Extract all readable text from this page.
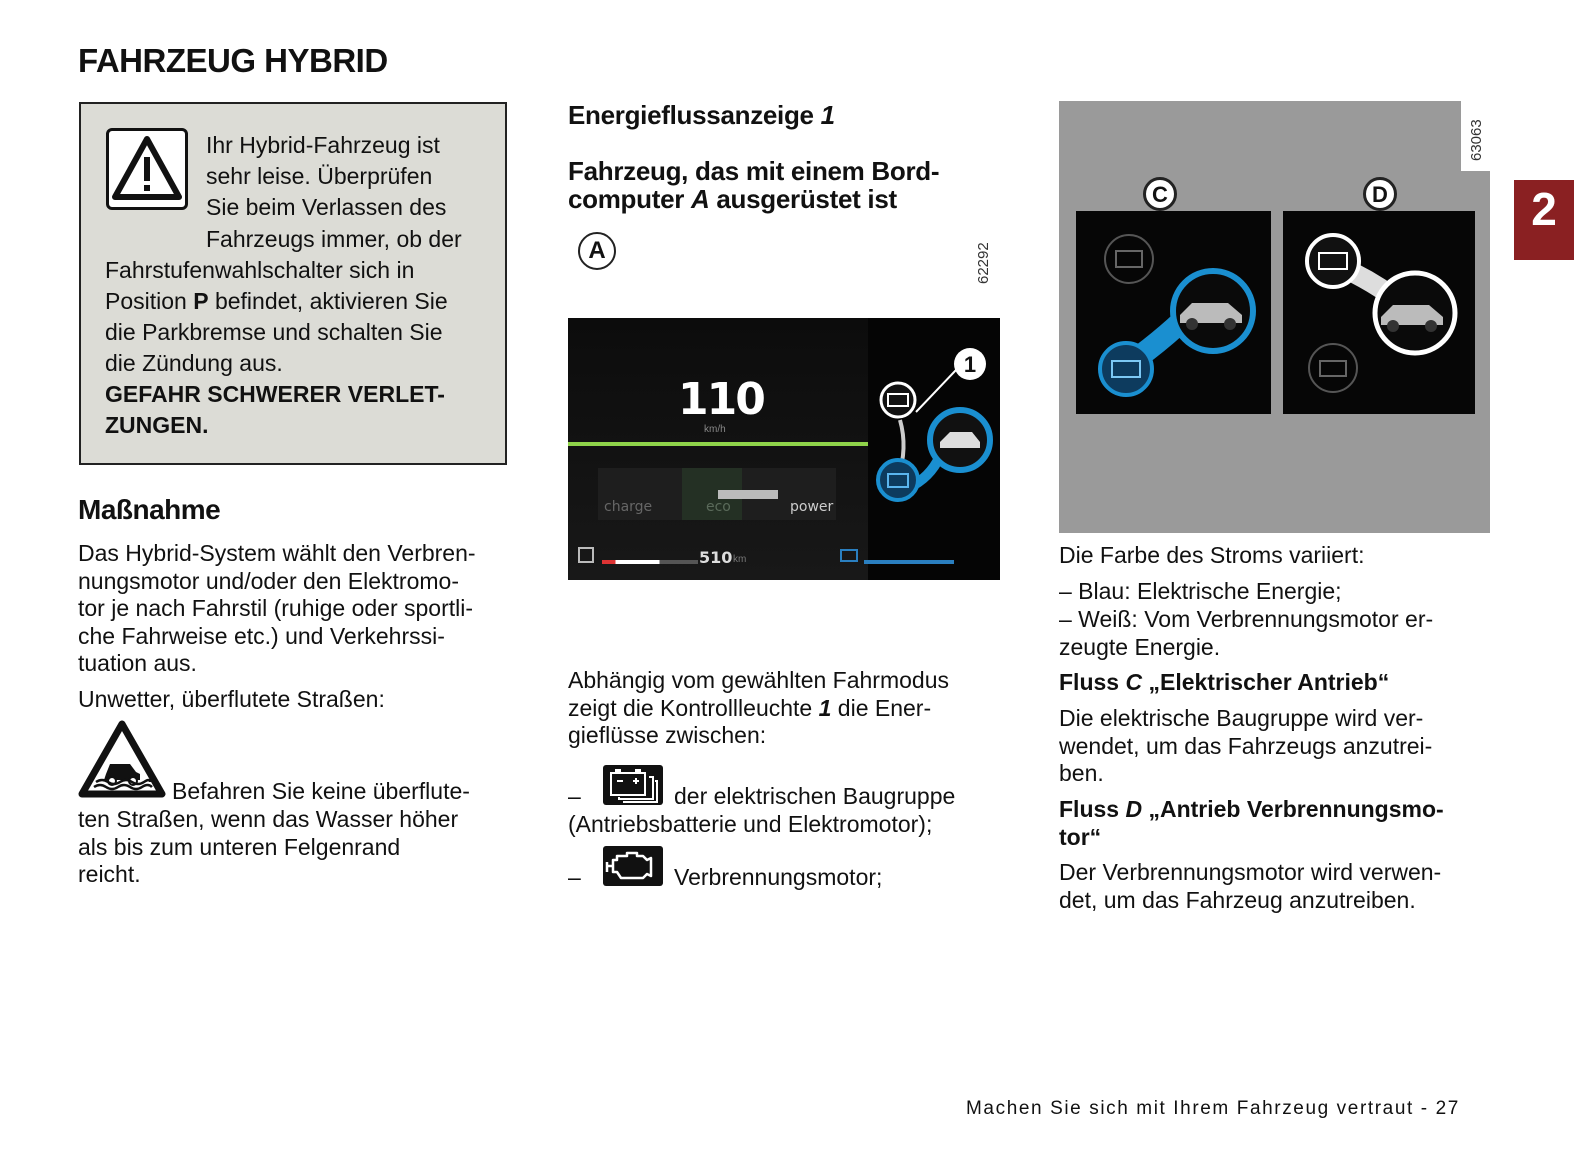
FAHRZEUG HYBRID
Ihr Hybrid-Fahrzeug ist
sehr leise. Überprüfen
Sie beim Verlassen des
Fahrzeugs immer, ob der
Fahrstufenwahlschalter sich in
Position P befindet, aktivieren Sie
die Parkbremse und schalten Sie
die Zündung aus.
GEFAHR SCHWERER VERLET-
ZUNGEN.
Maßnahme
Das Hybrid-System wählt den Verbren-
nungsmotor und/oder den Elektromo-
tor je nach Fahrstil (ruhige oder sportli-
che Fahrweise etc.) und Verkehrssi-
tuation aus.
Unwetter, überflutete Straßen:
Befahren Sie keine überflute-
ten Straßen, wenn das Wasser höher
als bis zum unteren Felgenrand
reicht.
Energieflussanzeige 1
Fahrzeug, das mit einem Bord-
computer A ausgerüstet ist
A	62292
110
km/h
charge	eco	power
510 km
1
Abhängig vom gewählten Fahrmodus
zeigt die Kontrollleuchte 1 die Ener-
gieflüsse zwischen:
–	der elektrischen Baugruppe
(Antriebsbatterie und Elektromotor);
–	Verbrennungsmotor;
63063
C	D	2
Die Farbe des Stroms variiert:
– Blau: Elektrische Energie;
– Weiß: Vom Verbrennungsmotor er-
zeugte Energie.
Fluss C „Elektrischer Antrieb“
Die elektrische Baugruppe wird ver-
wendet, um das Fahrzeugs anzutrei-
ben.
Fluss D „Antrieb Verbrennungsmo-
tor“
Der Verbrennungsmotor wird verwen-
det, um das Fahrzeug anzutreiben.
Machen Sie sich mit Ihrem Fahrzeug vertraut - 27
